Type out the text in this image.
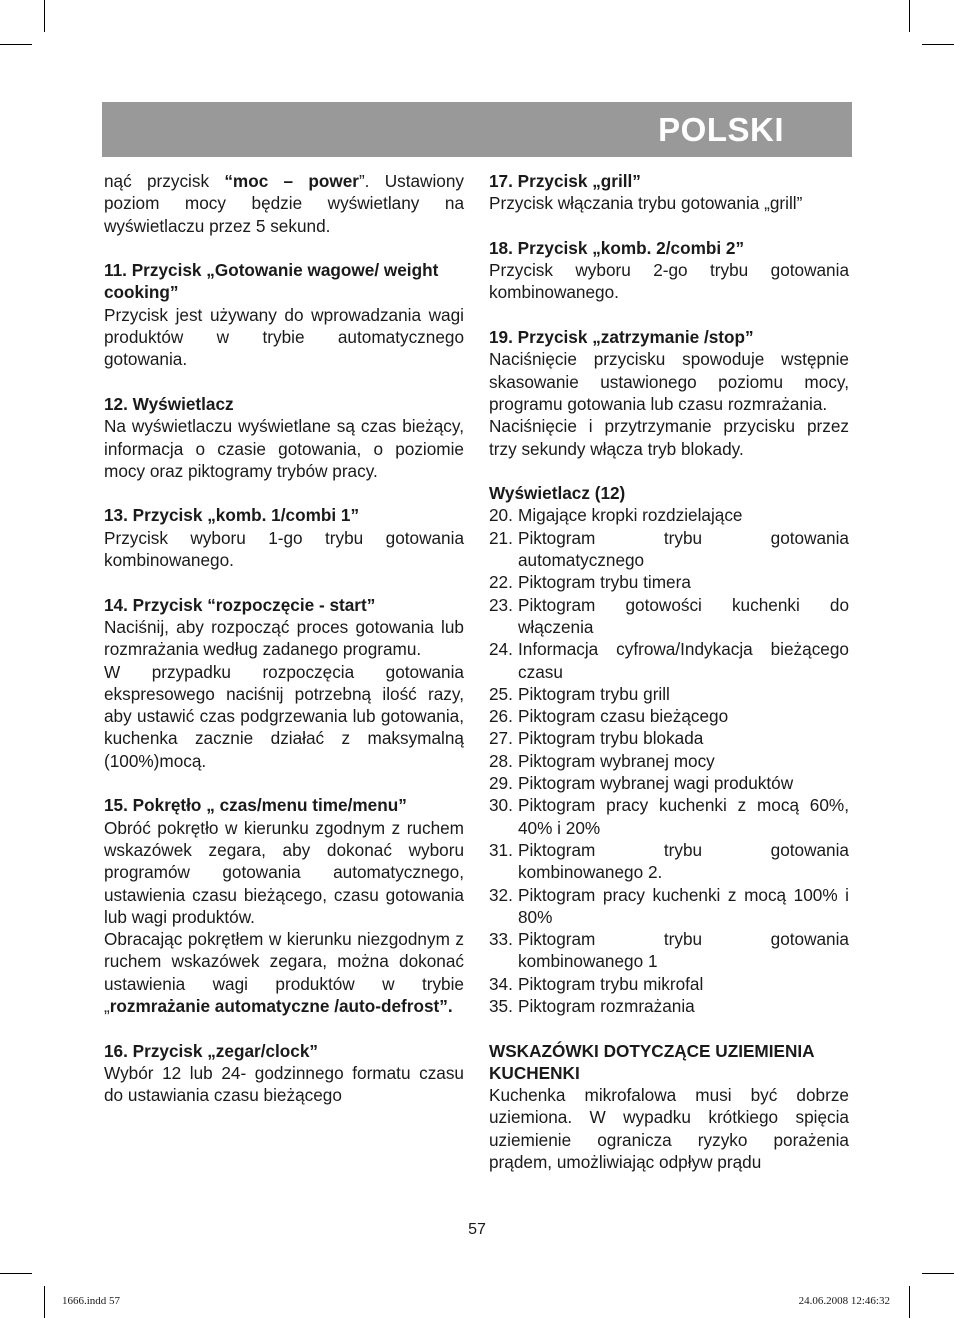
POLSKI

nąć przycisk “moc – power”. Ustawiony poziom mocy będzie wyświetlany na wyświetlaczu przez 5 sekund.

11. Przycisk „Gotowanie wagowe/ weight cooking”

Przycisk jest używany do wprowadzania wagi produktów w trybie automatycznego gotowania.

12. Wyświetlacz

Na wyświetlaczu wyświetlane są czas bieżący, informacja o czasie gotowania, o poziomie mocy oraz piktogramy trybów pracy.

13. Przycisk „komb. 1/combi 1”

Przycisk wyboru 1-go trybu gotowania kombinowanego.

14. Przycisk “rozpoczęcie - start”

Naciśnij, aby rozpocząć proces gotowania lub rozmrażania według zadanego programu.

W przypadku rozpoczęcia gotowania ekspresowego naciśnij potrzebną ilość razy, aby ustawić czas podgrzewania lub gotowania, kuchenka zacznie działać z maksymalną (100%)mocą.

15. Pokrętło „ czas/menu time/menu”

Obróć pokrętło w kierunku zgodnym z ruchem wskazówek zegara, aby dokonać wyboru programów gotowania automatycznego, ustawienia czasu bieżącego, czasu gotowania lub wagi produktów.

Obracając pokrętłem w kierunku niezgodnym z ruchem wskazówek zegara, można dokonać ustawienia wagi produktów w trybie „rozmrażanie automatyczne /auto-defrost”.

16. Przycisk „zegar/clock”

Wybór 12 lub 24- godzinnego formatu czasu do ustawiania czasu bieżącego

17. Przycisk „grill”

Przycisk włączania trybu gotowania „grill”

18. Przycisk „komb. 2/combi 2”

Przycisk wyboru 2-go trybu gotowania kombinowanego.

19. Przycisk „zatrzymanie /stop”

Naciśnięcie przycisku spowoduje wstępnie skasowanie ustawionego poziomu mocy, programu gotowania lub czasu rozmrażania.

Naciśnięcie i przytrzymanie przycisku przez trzy sekundy włącza tryb blokady.

Wyświetlacz (12)
20. Migające kropki rozdzielające
21. Piktogram trybu gotowania automatycznego
22. Piktogram trybu timera
23. Piktogram gotowości kuchenki do włączenia
24. Informacja cyfrowa/Indykacja bieżącego czasu
25. Piktogram trybu grill
26. Piktogram czasu bieżącego
27. Piktogram trybu blokada
28. Piktogram wybranej mocy
29. Piktogram wybranej wagi produktów
30. Piktogram pracy kuchenki z mocą 60%, 40% i 20%
31. Piktogram trybu gotowania kombinowanego 2.
32. Piktogram pracy kuchenki z mocą 100% i 80%
33. Piktogram trybu gotowania kombinowanego 1
34. Piktogram trybu mikrofal
35. Piktogram rozmrażania
WSKAZÓWKI DOTYCZĄCE UZIEMIENIA KUCHENKI

Kuchenka mikrofalowa musi być dobrze uziemiona. W wypadku krótkiego spięcia uziemienie ogranicza ryzyko porażenia prądem, umożliwiając odpływ prądu

57
1666.indd 57	24.06.2008 12:46:32
